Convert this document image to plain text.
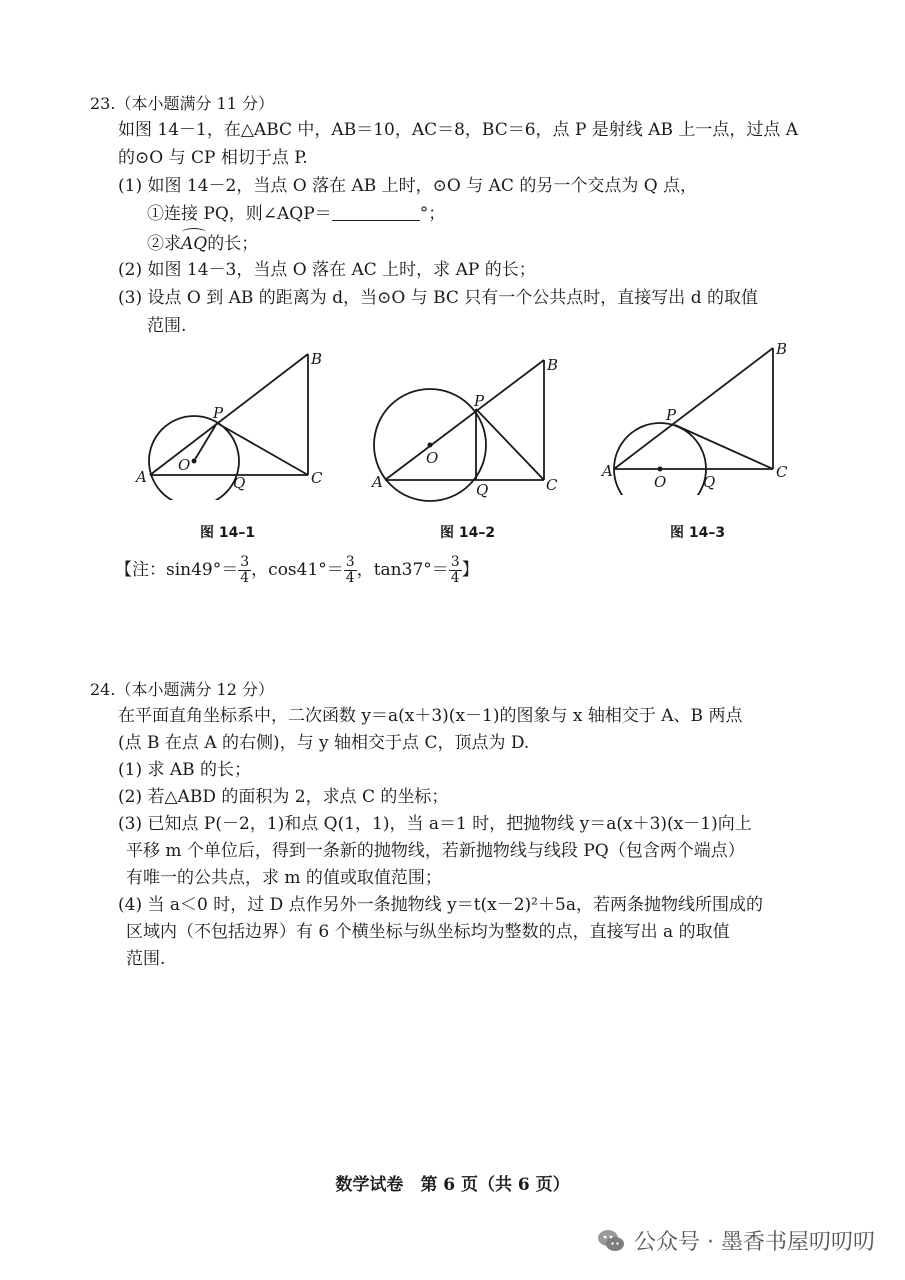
23.（本小题满分 11 分）
如图 14－1，在△ABC 中，AB＝10，AC＝8，BC＝6，点 P 是射线 AB 上一点，过点 A
的⊙O 与 CP 相切于点 P.
(1) 如图 14－2，当点 O 落在 AB 上时，⊙O 与 AC 的另一个交点为 Q 点，
①连接 PQ，则∠AQP＝	°；
②求AQ的长；
(2) 如图 14－3，当点 O 落在 AC 上时，求 AP 的长；
(3) 设点 O 到 AB 的距离为 d，当⊙O 与 BC 只有一个公共点时，直接写出 d 的取值
范围.
A
B
C
P
O
Q
图 14–1
A
B
C
P
O
Q
图 14–2
A
B
C
P
O Q
图 14–3
【注：$\sin 49^\circ= \frac{3}{4}$ ，$\cos 41^\circ= \frac{3}{4}$ ，$\tan 37^\circ= \frac{3}{4}$ 】
24.（本小题满分 12 分）
在平面直角坐标系中，二次函数 y＝a(x＋3)(x－1)的图象与 x 轴相交于 A、B 两点
(点 B 在点 A 的右侧)，与 y 轴相交于点 C，顶点为 D.
(1) 求 AB 的长；
(2) 若△ABD 的面积为 2，求点 C 的坐标；
(3) 已知点 P(－2，1)和点 Q(1，1)，当 a＝1 时，把抛物线 y＝a(x＋3)(x－1)向上
平移 m 个单位后，得到一条新的抛物线，若新抛物线与线段 PQ（包含两个端点）
有唯一的公共点，求 m 的值或取值范围；
(4) 当 a＜0 时，过 D 点作另外一条抛物线 y＝t(x－2)²＋5a，若两条抛物线所围成的
区域内（不包括边界）有 6 个横坐标与纵坐标均为整数的点，直接写出 a 的取值
范围.
数学试卷　第 6 页（共 6 页）
公众号 · 墨香书屋叨叨叨
